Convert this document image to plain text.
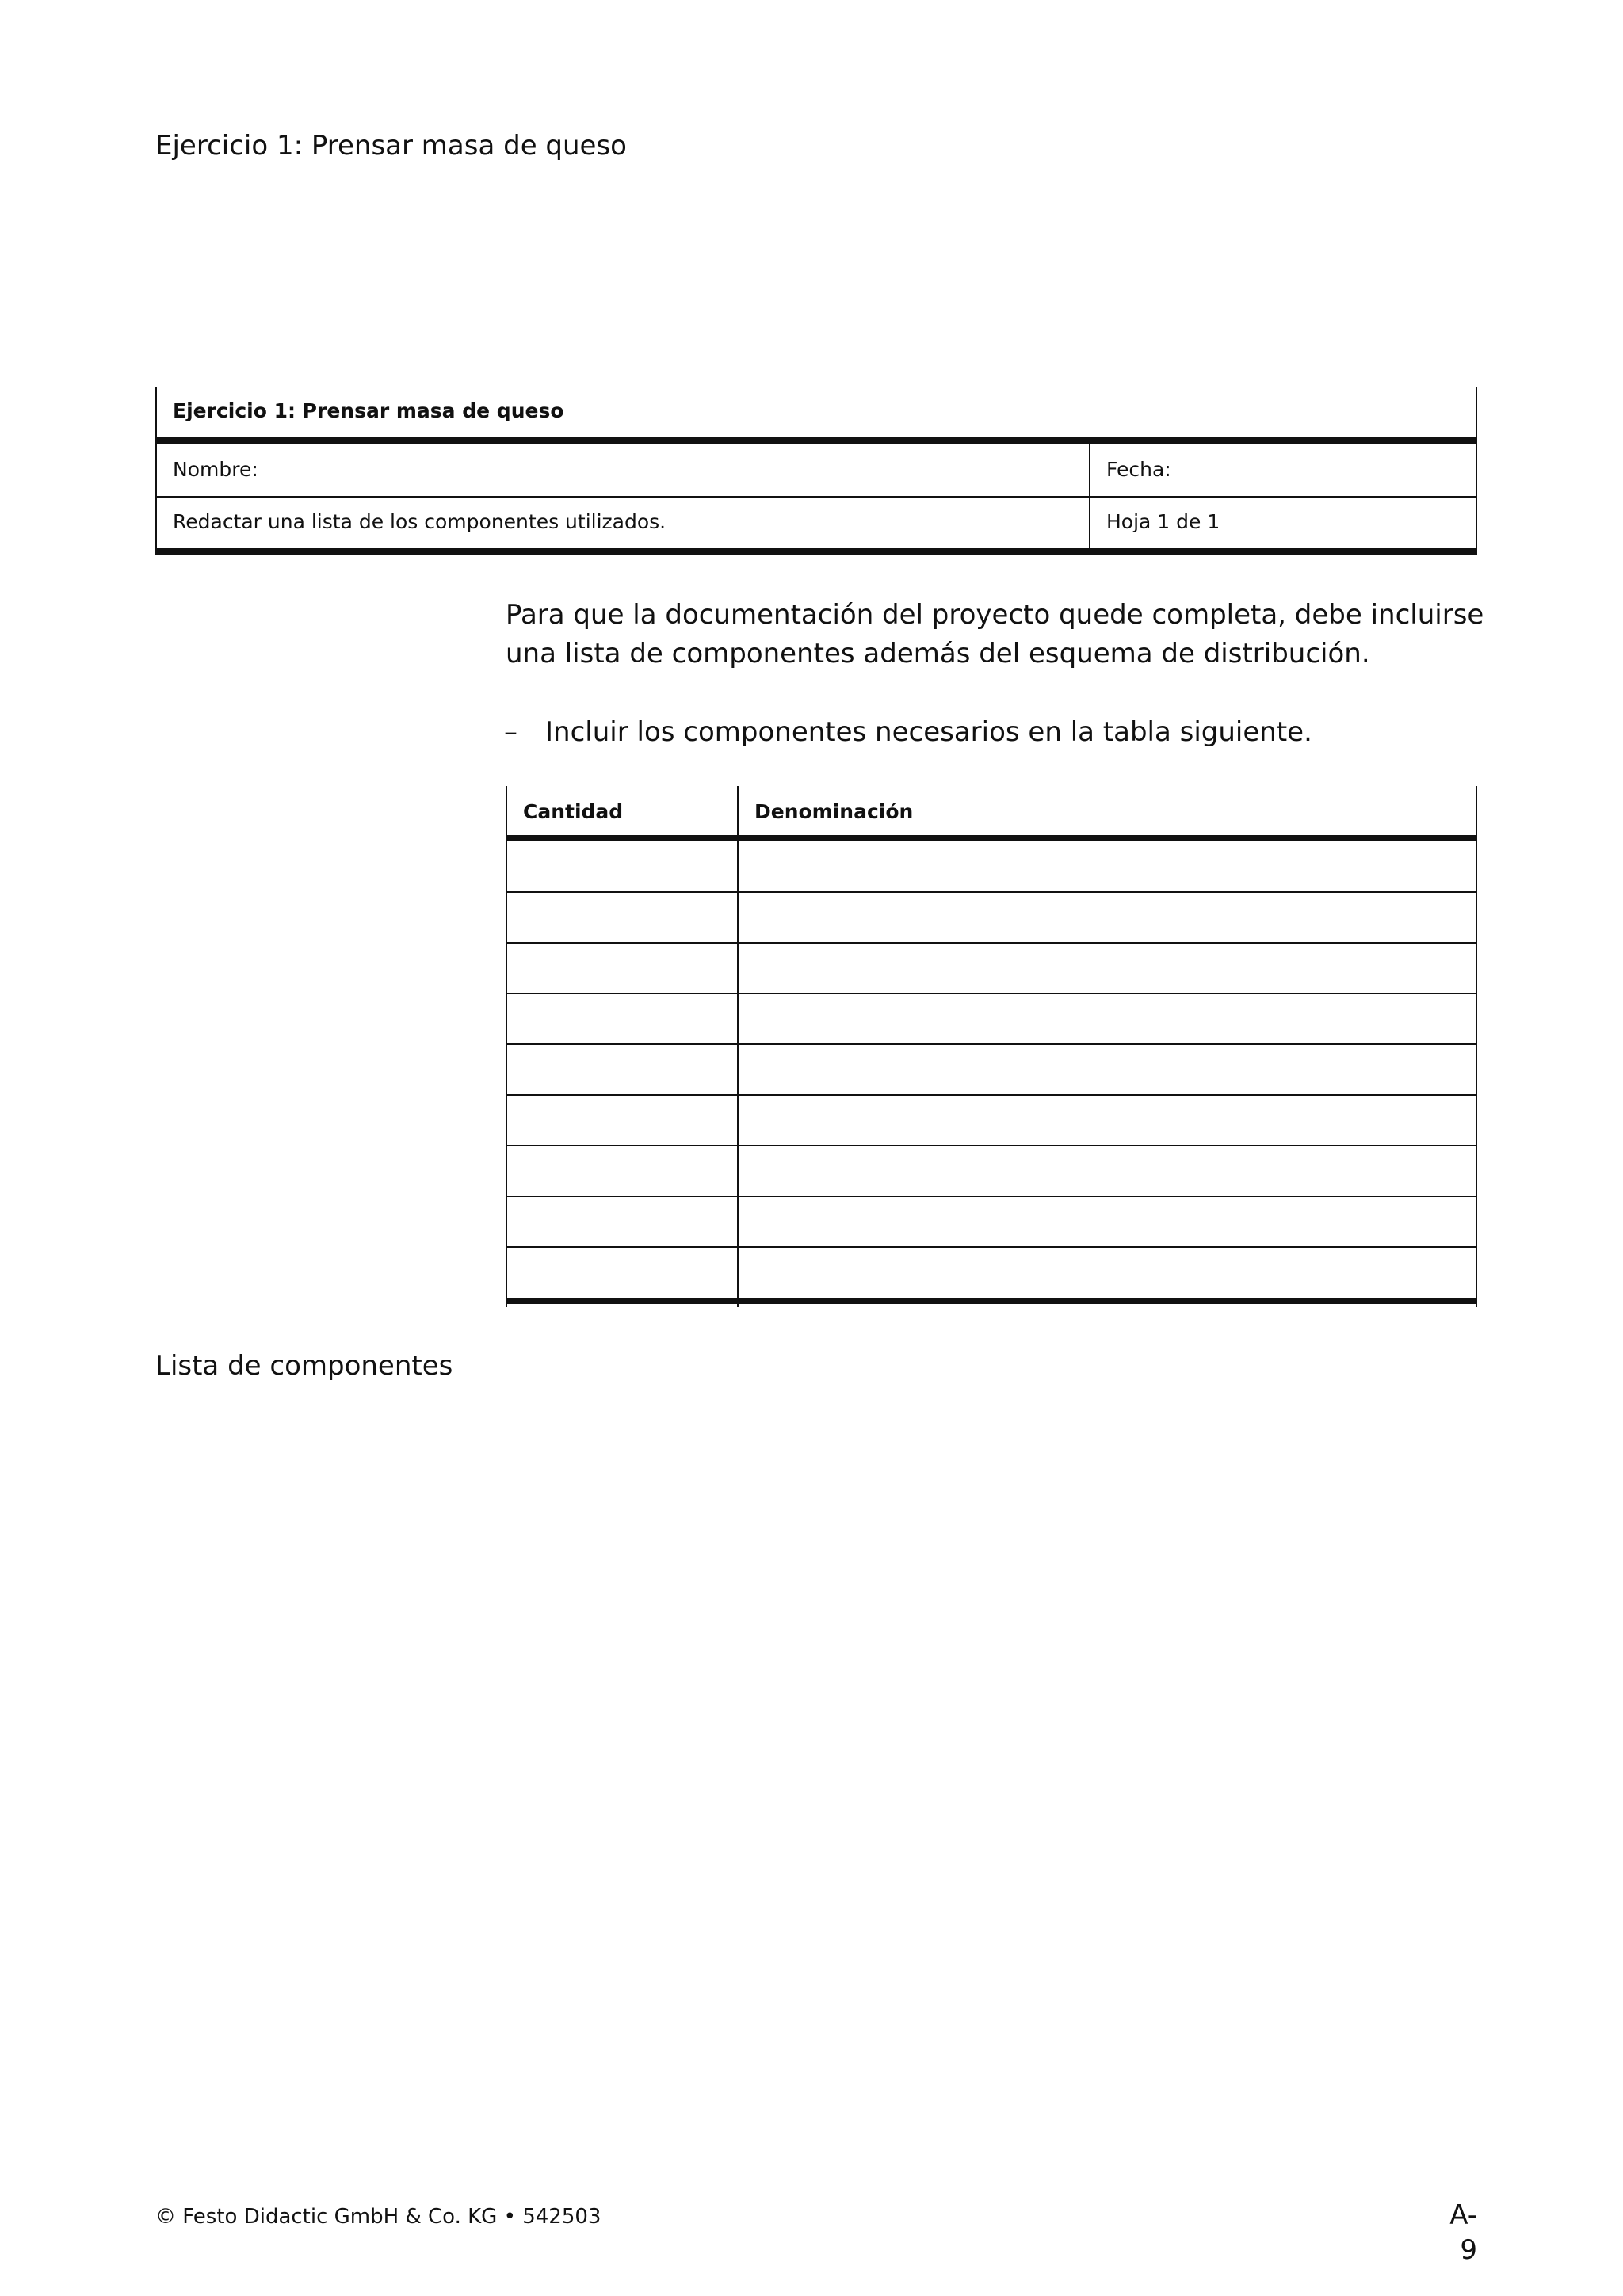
Ejercicio 1: Prensar masa de queso
Ejercicio 1: Prensar masa de queso
Nombre:	Fecha:
Redactar una lista de los componentes utilizados.	Hoja 1 de 1
Para que la documentación del proyecto quede completa, debe incluirse una lista de componentes además del esquema de distribución.
– Incluir los componentes necesarios en la tabla siguiente.
Cantidad	Denominación
Lista de componentes
© Festo Didactic GmbH & Co. KG • 542503	A-9
